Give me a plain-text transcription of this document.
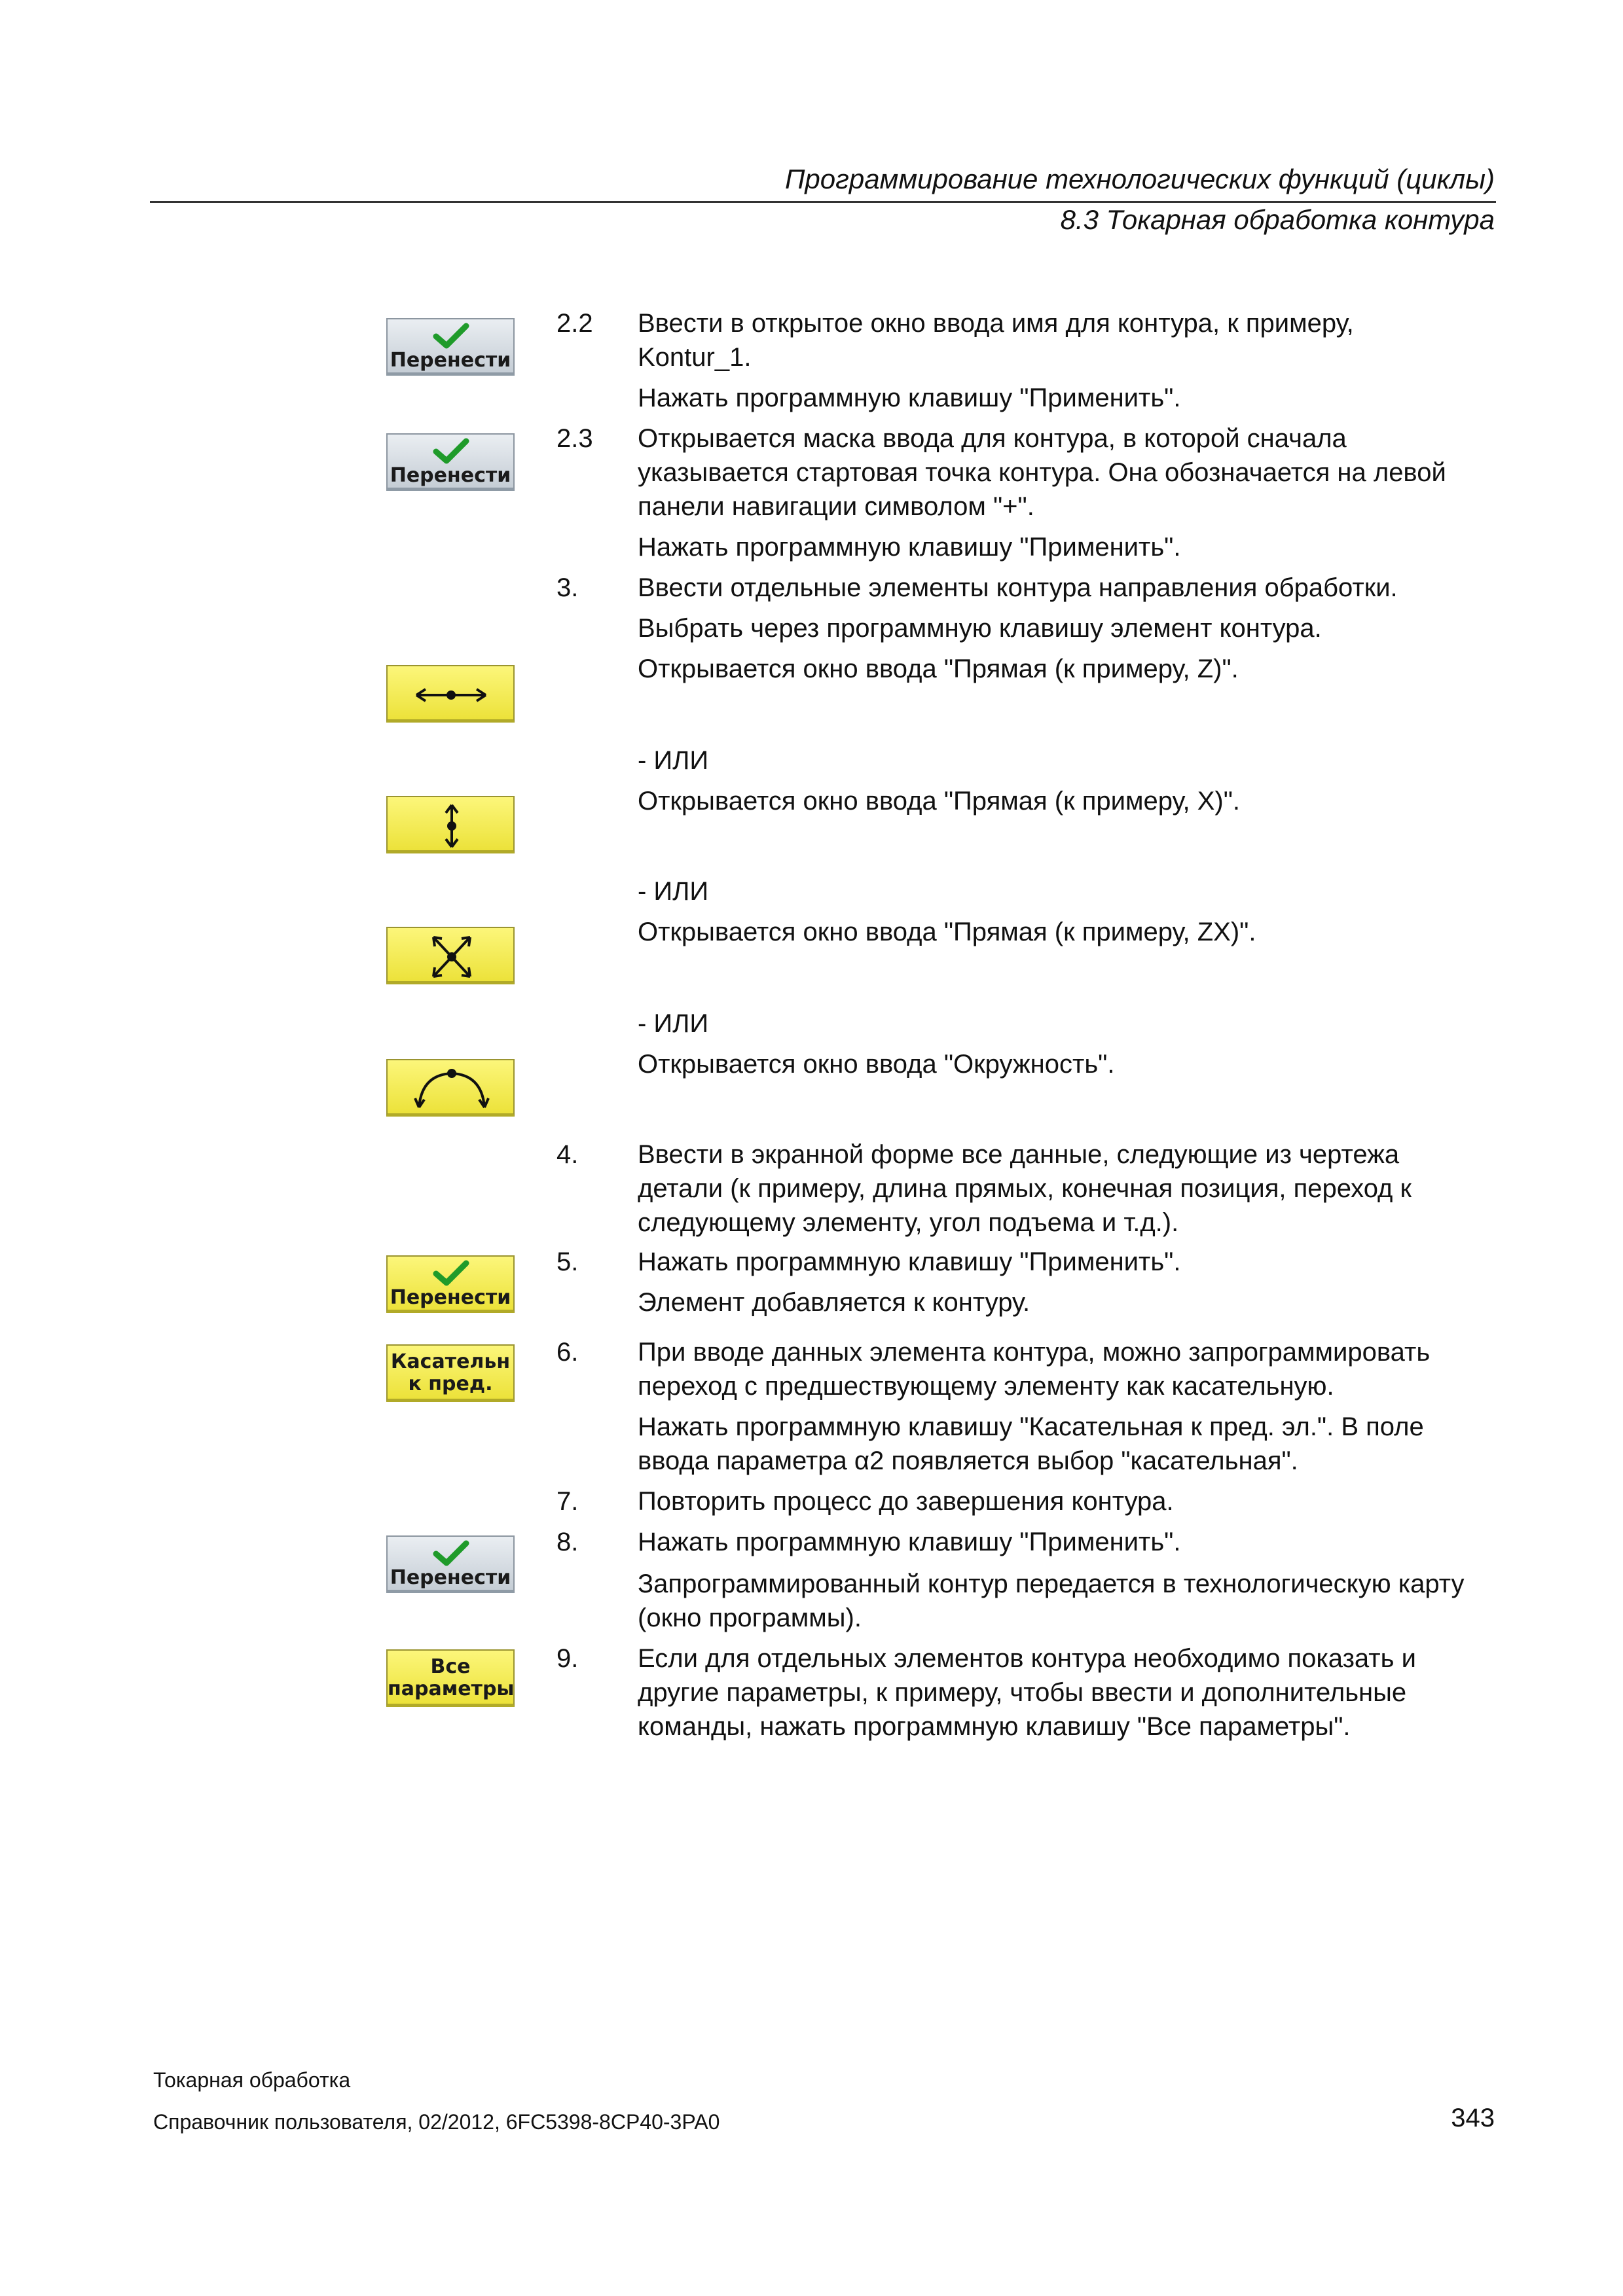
Программирование технологических функций (циклы)
8.3 Токарная обработка контура
2.2 Ввести в открытое окно ввода имя для контура, к примеру,
Kontur_1.
Нажать программную клавишу "Применить".
2.3 Открывается маска ввода для контура, в которой сначала
указывается стартовая точка контура. Она обозначается на левой
панели навигации символом "+".
Нажать программную клавишу "Применить".
3. Ввести отдельные элементы контура направления обработки.
Выбрать через программную клавишу элемент контура.
Открывается окно ввода "Прямая (к примеру, Z)".
- ИЛИ
Открывается окно ввода "Прямая (к примеру, X)".
- ИЛИ
Открывается окно ввода "Прямая (к примеру, ZX)".
- ИЛИ
Открывается окно ввода "Окружность".
4. Ввести в экранной форме все данные, следующие из чертежа
детали (к примеру, длина прямых, конечная позиция, переход к
следующему элементу, угол подъема и т.д.).
5. Нажать программную клавишу "Применить".
Элемент добавляется к контуру.
6. При вводе данных элемента контура, можно запрограммировать
переход с предшествующему элементу как касательную.
Нажать программную клавишу "Касательная к пред. эл.". В поле
ввода параметра α2 появляется выбор "касательная".
7. Повторить процесс до завершения контура.
8. Нажать программную клавишу "Применить".
Запрограммированный контур передается в технологическую карту
(окно программы).
9. Если для отдельных элементов контура необходимо показать и
другие параметры, к примеру, чтобы ввести и дополнительные
команды, нажать программную клавишу "Все параметры".
Перенести
Перенести
Перенести
Касательн
к пред.
Перенести
Все
параметры
Токарная обработка
Справочник пользователя, 02/2012, 6FC5398-8CP40-3PA0	343
